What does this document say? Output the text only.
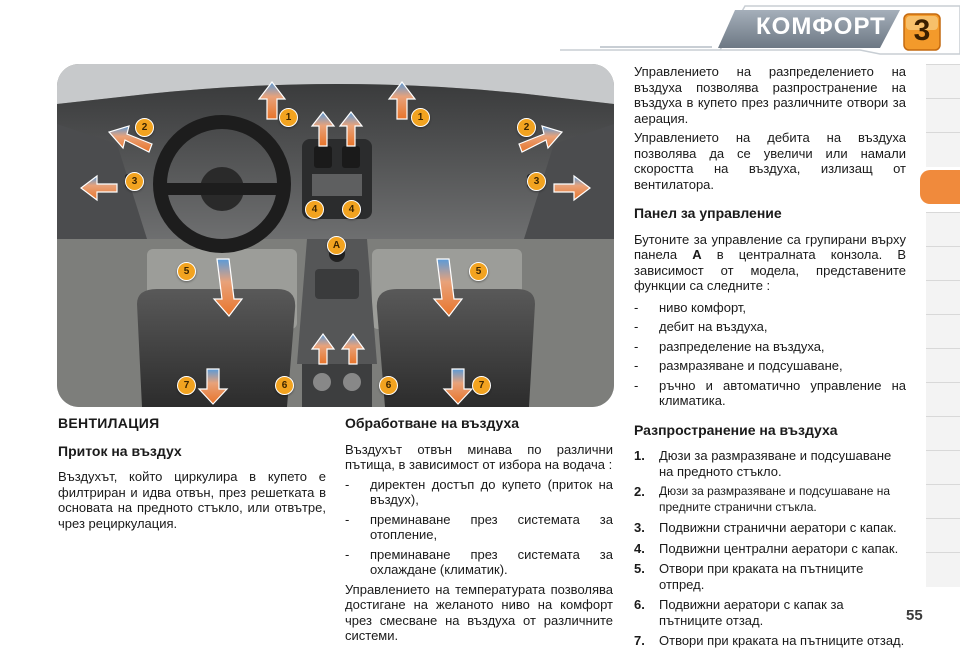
КОМФОРТ 3
1	1
2	2
3	3
4	4
A
5	5
6	6
7	7
ВЕНТИЛАЦИЯ
Приток на въздух

Въздухът, който циркулира в купето е филтриран и идва отвън, през решетката в основата на предното стъкло, или отвътре, чрез рециркулация.

Обработване на въздуха

Въздухът отвън минава по различни пътища, в зависимост от избора на водача :

- директен достъп до купето (приток на въздух),
- преминаване през системата за отопление,
- преминаване през системата за охлаждане (климатик).

Управлението на температурата позволява достигане на желаното ниво на комфорт чрез смесване на въздуха от различните системи.

Управлението на разпределението на въздуха позволява разпространение на въздуха в купето през различните отвори за аерация.

Управлението на дебита на въздуха позволява да се увеличи или намали скоростта на въздуха, излизащ от вентилатора.

Панел за управление

Бутоните за управление са групирани върху панела A в централната конзола. В зависимост от модела, предстaвените функции са следните :

- ниво комфорт,
- дебит на въздуха,
- разпределение на въздуха,
- размразяване и подсушаване,
- ръчно и автоматично управление на климатика.
Разпространение на въздуха
1. Дюзи за размразяване и подсушаване на предното стъкло.
2. Дюзи за размразяване и подсушаване на предните странични стъкла.
3. Подвижни странични аератори с капак.
4. Подвижни централни аератори с капак.
5. Отвори при краката на пътниците отпред.
6. Подвижни аератори с капак за пътниците отзад.
7. Отвори при краката на пътниците отзад.
55
